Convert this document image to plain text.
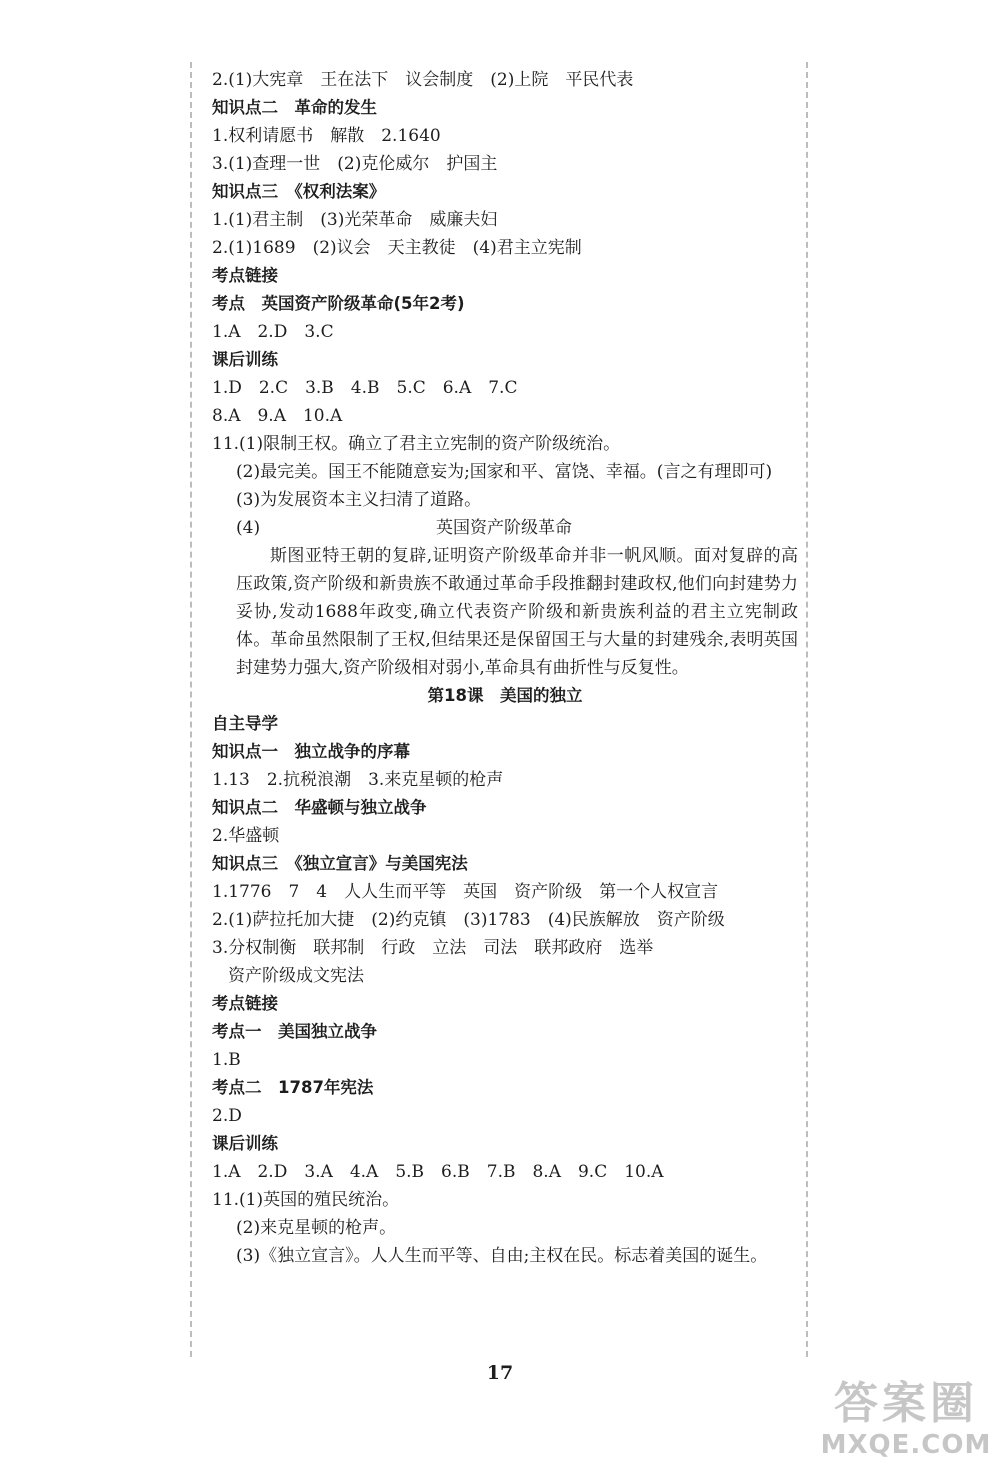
2.(1)大宪章　王在法下　议会制度　(2)上院　平民代表
知识点二　革命的发生
1.权利请愿书　解散　2.1640
3.(1)查理一世　(2)克伦威尔　护国主
知识点三　《权利法案》
1.(1)君主制　(3)光荣革命　威廉夫妇
2.(1)1689　(2)议会　天主教徒　(4)君主立宪制
考点链接
考点　英国资产阶级革命(5年2考)
1.A　2.D　3.C
课后训练
1.D　2.C　3.B　4.B　5.C　6.A　7.C
8.A　9.A　10.A
11.(1)限制王权。确立了君主立宪制的资产阶级统治。
(2)最完美。国王不能随意妄为;国家和平、富饶、幸福。(言之有理即可)
(3)为发展资本主义扫清了道路。
(4)	英国资产阶级革命
斯图亚特王朝的复辟,证明资产阶级革命并非一帆风顺。面对复辟的高压政策,资产阶级和新贵族不敢通过革命手段推翻封建政权,他们向封建势力妥协,发动1688年政变,确立代表资产阶级和新贵族利益的君主立宪制政体。革命虽然限制了王权,但结果还是保留国王与大量的封建残余,表明英国封建势力强大,资产阶级相对弱小,革命具有曲折性与反复性。
第18课　美国的独立
自主导学
知识点一　独立战争的序幕
1.13　2.抗税浪潮　3.来克星顿的枪声
知识点二　华盛顿与独立战争
2.华盛顿
知识点三　《独立宣言》与美国宪法
1.1776　7　4　人人生而平等　英国　资产阶级　第一个人权宣言
2.(1)萨拉托加大捷　(2)约克镇　(3)1783　(4)民族解放　资产阶级
3.分权制衡　联邦制　行政　立法　司法　联邦政府　选举
资产阶级成文宪法
考点链接
考点一　美国独立战争
1.B
考点二　1787年宪法
2.D
课后训练
1.A　2.D　3.A　4.A　5.B　6.B　7.B　8.A　9.C　10.A
11.(1)英国的殖民统治。
(2)来克星顿的枪声。
(3)《独立宣言》。人人生而平等、自由;主权在民。标志着美国的诞生。
17
答案圈
MXQE.COM
